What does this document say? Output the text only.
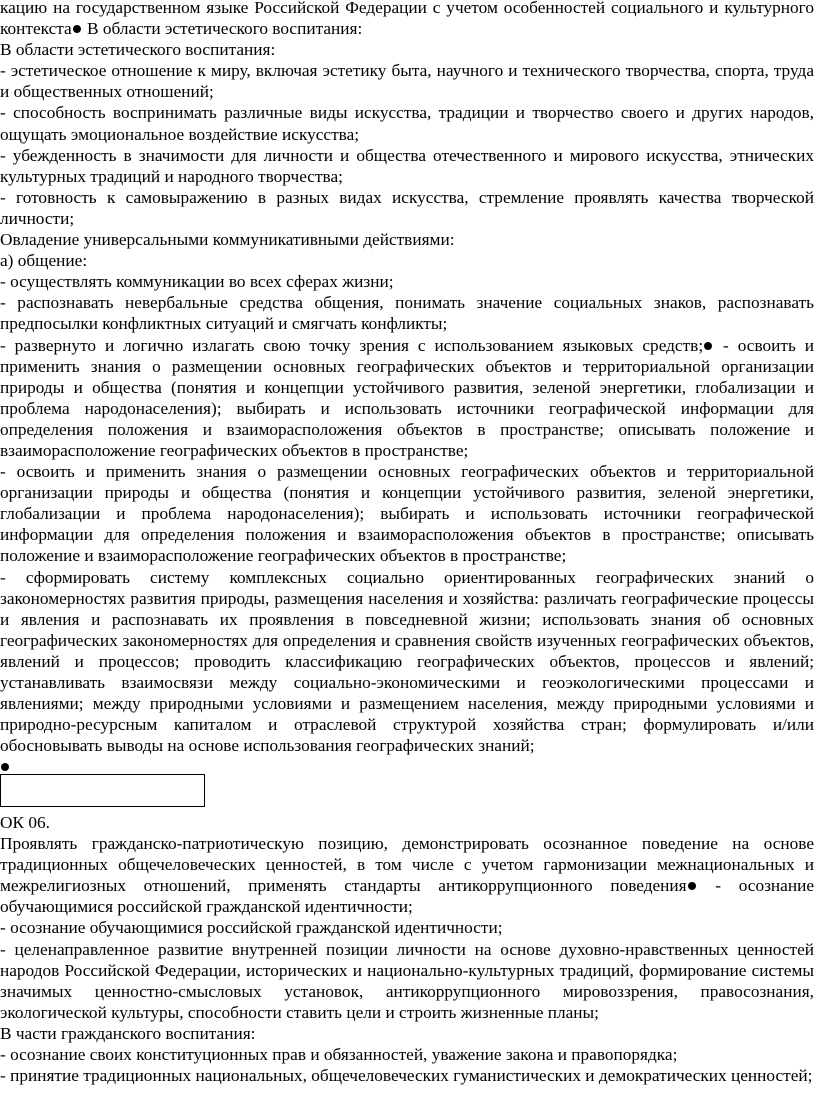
кацию на государственном языке Российской Федерации с учетом особенностей социального и культурного контекста В области эстетического воспитания:

В области эстетического воспитания:

- эстетическое отношение к миру, включая эстетику быта, научного и технического творчества, спорта, труда и общественных отношений;

- способность воспринимать различные виды искусства, традиции и творчество своего и других народов, ощущать эмоциональное воздействие искусства;

- убежденность в значимости для личности и общества отечественного и мирового искусства, этнических культурных традиций и народного творчества;

- готовность к самовыражению в разных видах искусства, стремление проявлять качества творческой личности;

Овладение универсальными коммуникативными действиями:

а) общение:

- осуществлять коммуникации во всех сферах жизни;

- распознавать невербальные средства общения, понимать значение социальных знаков, распознавать предпосылки конфликтных ситуаций и смягчать конфликты;

- развернуто и логично излагать свою точку зрения с использованием языковых средств; - освоить и применить знания о размещении основных географических объектов и территориальной организации природы и общества (понятия и концепции устойчивого развития, зеленой энергетики, глобализации и проблема народонаселения); выбирать и использовать источники географической информации для определения положения и взаиморасположения объектов в пространстве; описывать положение и взаиморасположение географических объектов в пространстве;

- освоить и применить знания о размещении основных географических объектов и территориальной организации природы и общества (понятия и концепции устойчивого развития, зеленой энергетики, глобализации и проблема народонаселения); выбирать и использовать источники географической информации для определения положения и взаиморасположения объектов в пространстве; описывать положение и взаиморасположение географических объектов в пространстве;

- сформировать систему комплексных социально ориентированных географических знаний о закономерностях развития природы, размещения населения и хозяйства: различать географические процессы и явления и распознавать их проявления в повседневной жизни; использовать знания об основных географических закономерностях для определения и сравнения свойств изученных географических объектов, явлений и процессов; проводить классификацию географических объектов, процессов и явлений; устанавливать взаимосвязи между социально-экономическими и геоэкологическими процессами и явлениями; между природными условиями и размещением населения, между природными условиями и природно-ресурсным капиталом и отраслевой структурой хозяйства стран; формулировать и/или обосновывать выводы на основе использования географических знаний;

ОК 06.

Проявлять гражданско-патриотическую позицию, демонстрировать осознанное поведение на основе традиционных общечеловеческих ценностей, в том числе с учетом гармонизации межнациональных и межрелигиозных отношений, применять стандарты антикоррупционного поведения - осознание обучающимися российской гражданской идентичности;

- осознание обучающимися российской гражданской идентичности;

- целенаправленное развитие внутренней позиции личности на основе духовно-нравственных ценностей народов Российской Федерации, исторических и национально-культурных традиций, формирование системы значимых ценностно-смысловых установок, антикоррупционного мировоззрения, правосознания, экологической культуры, способности ставить цели и строить жизненные планы;

В части гражданского воспитания:

- осознание своих конституционных прав и обязанностей, уважение закона и правопорядка;

- принятие традиционных национальных, общечеловеческих гуманистических и демократических ценностей;
